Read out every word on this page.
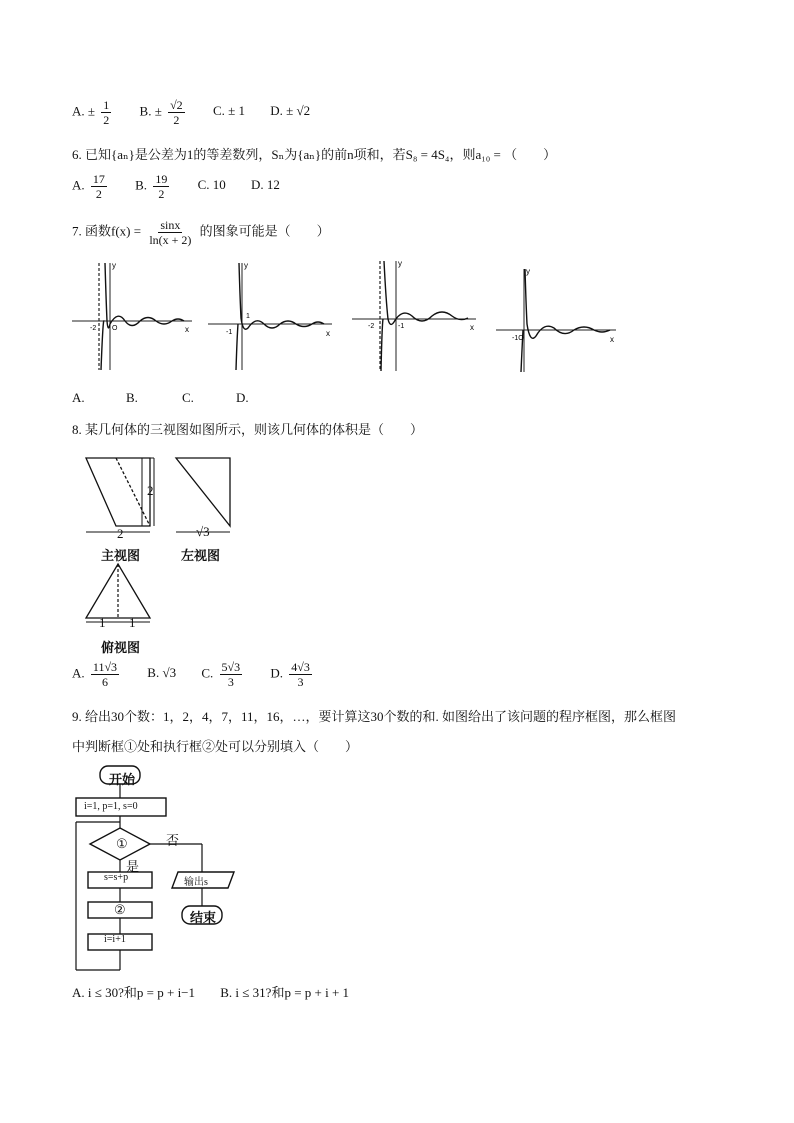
A. ± $\frac{1}{2} B$. ± $\frac{√2}{2} C$. ± 1 D. ± √2
6. 已知{aₙ}是公差为1的等差数列，Sₙ为{aₙ}的前n项和，若S₈ = 4S₄，则a₁₀ = （　　）
A. $\frac{17}{2} B$. $\frac{19}{2} C$. 10 D. 12
7. 函数$f(x) = \frac{\sin x}{\ln(x + 2)}$ 的图象可能是（　　）
y
x
-2 O
y
x
-1
1
y
x
-2	-1
y
x
-1O
A.	B.	C.	D.
8. 某几何体的三视图如图所示，则该几何体的体积是（　　）
2
2
√3
1 1
主视图	左视图
俯视图
A. $\frac{11√3}{6} B$. √3 C. $\frac{5√3}{3} D$. $\frac{4√3}{3}$
9. 给出30个数：1，2，4，7，11，16，…，要计算这30个数的和. 如图给出了该问题的程序框图，那么框图
中判断框①处和执行框②处可以分别填入（　　）
开始
i=1, p=1, s=0
①	否
是
s=s+p
②
i=i+1
输出s
结束
A. i ≤ 30?和p = p + i−1 B. i ≤ 31?和p = p + i + 1
